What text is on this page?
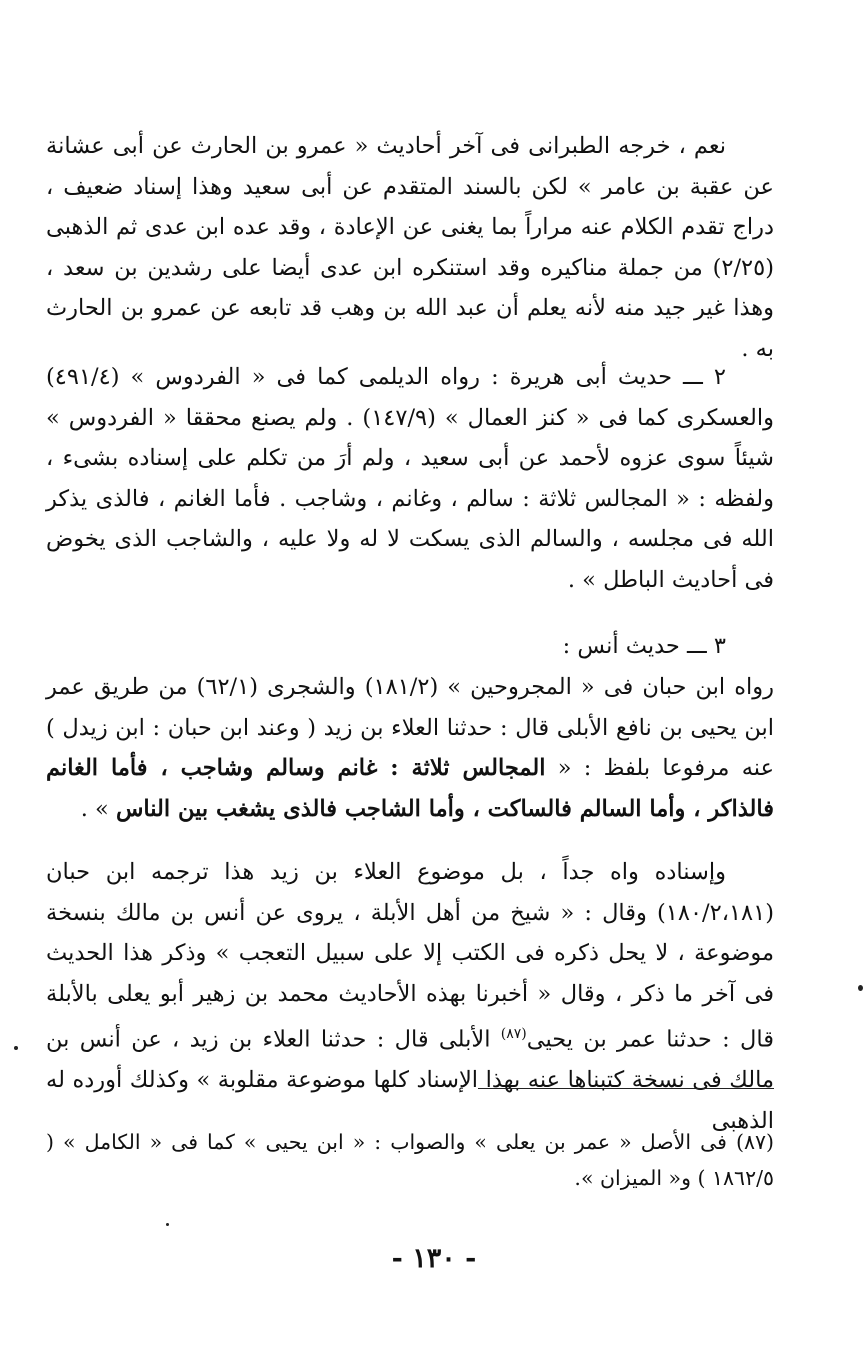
نعم ، خرجه الطبرانى فى آخر أحاديث « عمرو بن الحارث عن أبى عشانة عن عقبة بن عامر » لكن بالسند المتقدم عن أبى سعيد وهذا إسناد ضعيف ، دراج تقدم الكلام عنه مراراً بما يغنى عن الإعادة ، وقد عده ابن عدى ثم الذهبى (٢/٢٥) من جملة مناكيره وقد استنكره ابن عدى أيضا على رشدين بن سعد ، وهذا غير جيد منه لأنه يعلم أن عبد الله بن وهب قد تابعه عن عمرو بن الحارث به .

٢ ـــ حديث أبى هريرة : رواه الديلمى كما فى « الفردوس » (٤٩١/٤) والعسكرى كما فى « كنز العمال » (١٤٧/٩) . ولم يصنع محققا « الفردوس » شيئاً سوى عزوه لأحمد عن أبى سعيد ، ولم أرَ من تكلم على إسناده بشىء ، ولفظه : « المجالس ثلاثة : سالم ، وغانم ، وشاجب . فأما الغانم ، فالذى يذكر الله فى مجلسه ، والسالم الذى يسكت لا له ولا عليه ، والشاجب الذى يخوض فى أحاديث الباطل » .

٣ ـــ حديث أنس :

رواه ابن حبان فى « المجروحين » (١٨١/٢) والشجرى (٦٢/١) من طريق عمر ابن يحيى بن نافع الأبلى قال : حدثنا العلاء بن زيد ( وعند ابن حبان : ابن زيدل ) عنه مرفوعا بلفظ : « المجالس ثلاثة : غانم وسالم وشاجب ، فأما الغانم فالذاكر ، وأما السالم فالساكت ، وأما الشاجب فالذى يشغب بين الناس » .

وإسناده واه جداً ، بل موضوع العلاء بن زيد هذا ترجمه ابن حبان (١٨٠/٢،١٨١) وقال : « شيخ من أهل الأبلة ، يروى عن أنس بن مالك بنسخة موضوعة ، لا يحل ذكره فى الكتب إلا على سبيل التعجب » وذكر هذا الحديث فى آخر ما ذكر ، وقال « أخبرنا بهذه الأحاديث محمد بن زهير أبو يعلى بالأبلة قال : حدثنا عمر بن يحيى$^{(٨٧)}$ الأبلى قال : حدثنا العلاء بن زيد ، عن أنس بن مالك فى نسخة كتبناها عنه بهذا الإسناد كلها موضوعة مقلوبة » وكذلك أورده له الذهبى

(٨٧) فى الأصل « عمر بن يعلى » والصواب : « ابن يحيى » كما فى « الكامل » ( ١٨٦٢/٥ ) و« الميزان ».

- ١٣٠ -
